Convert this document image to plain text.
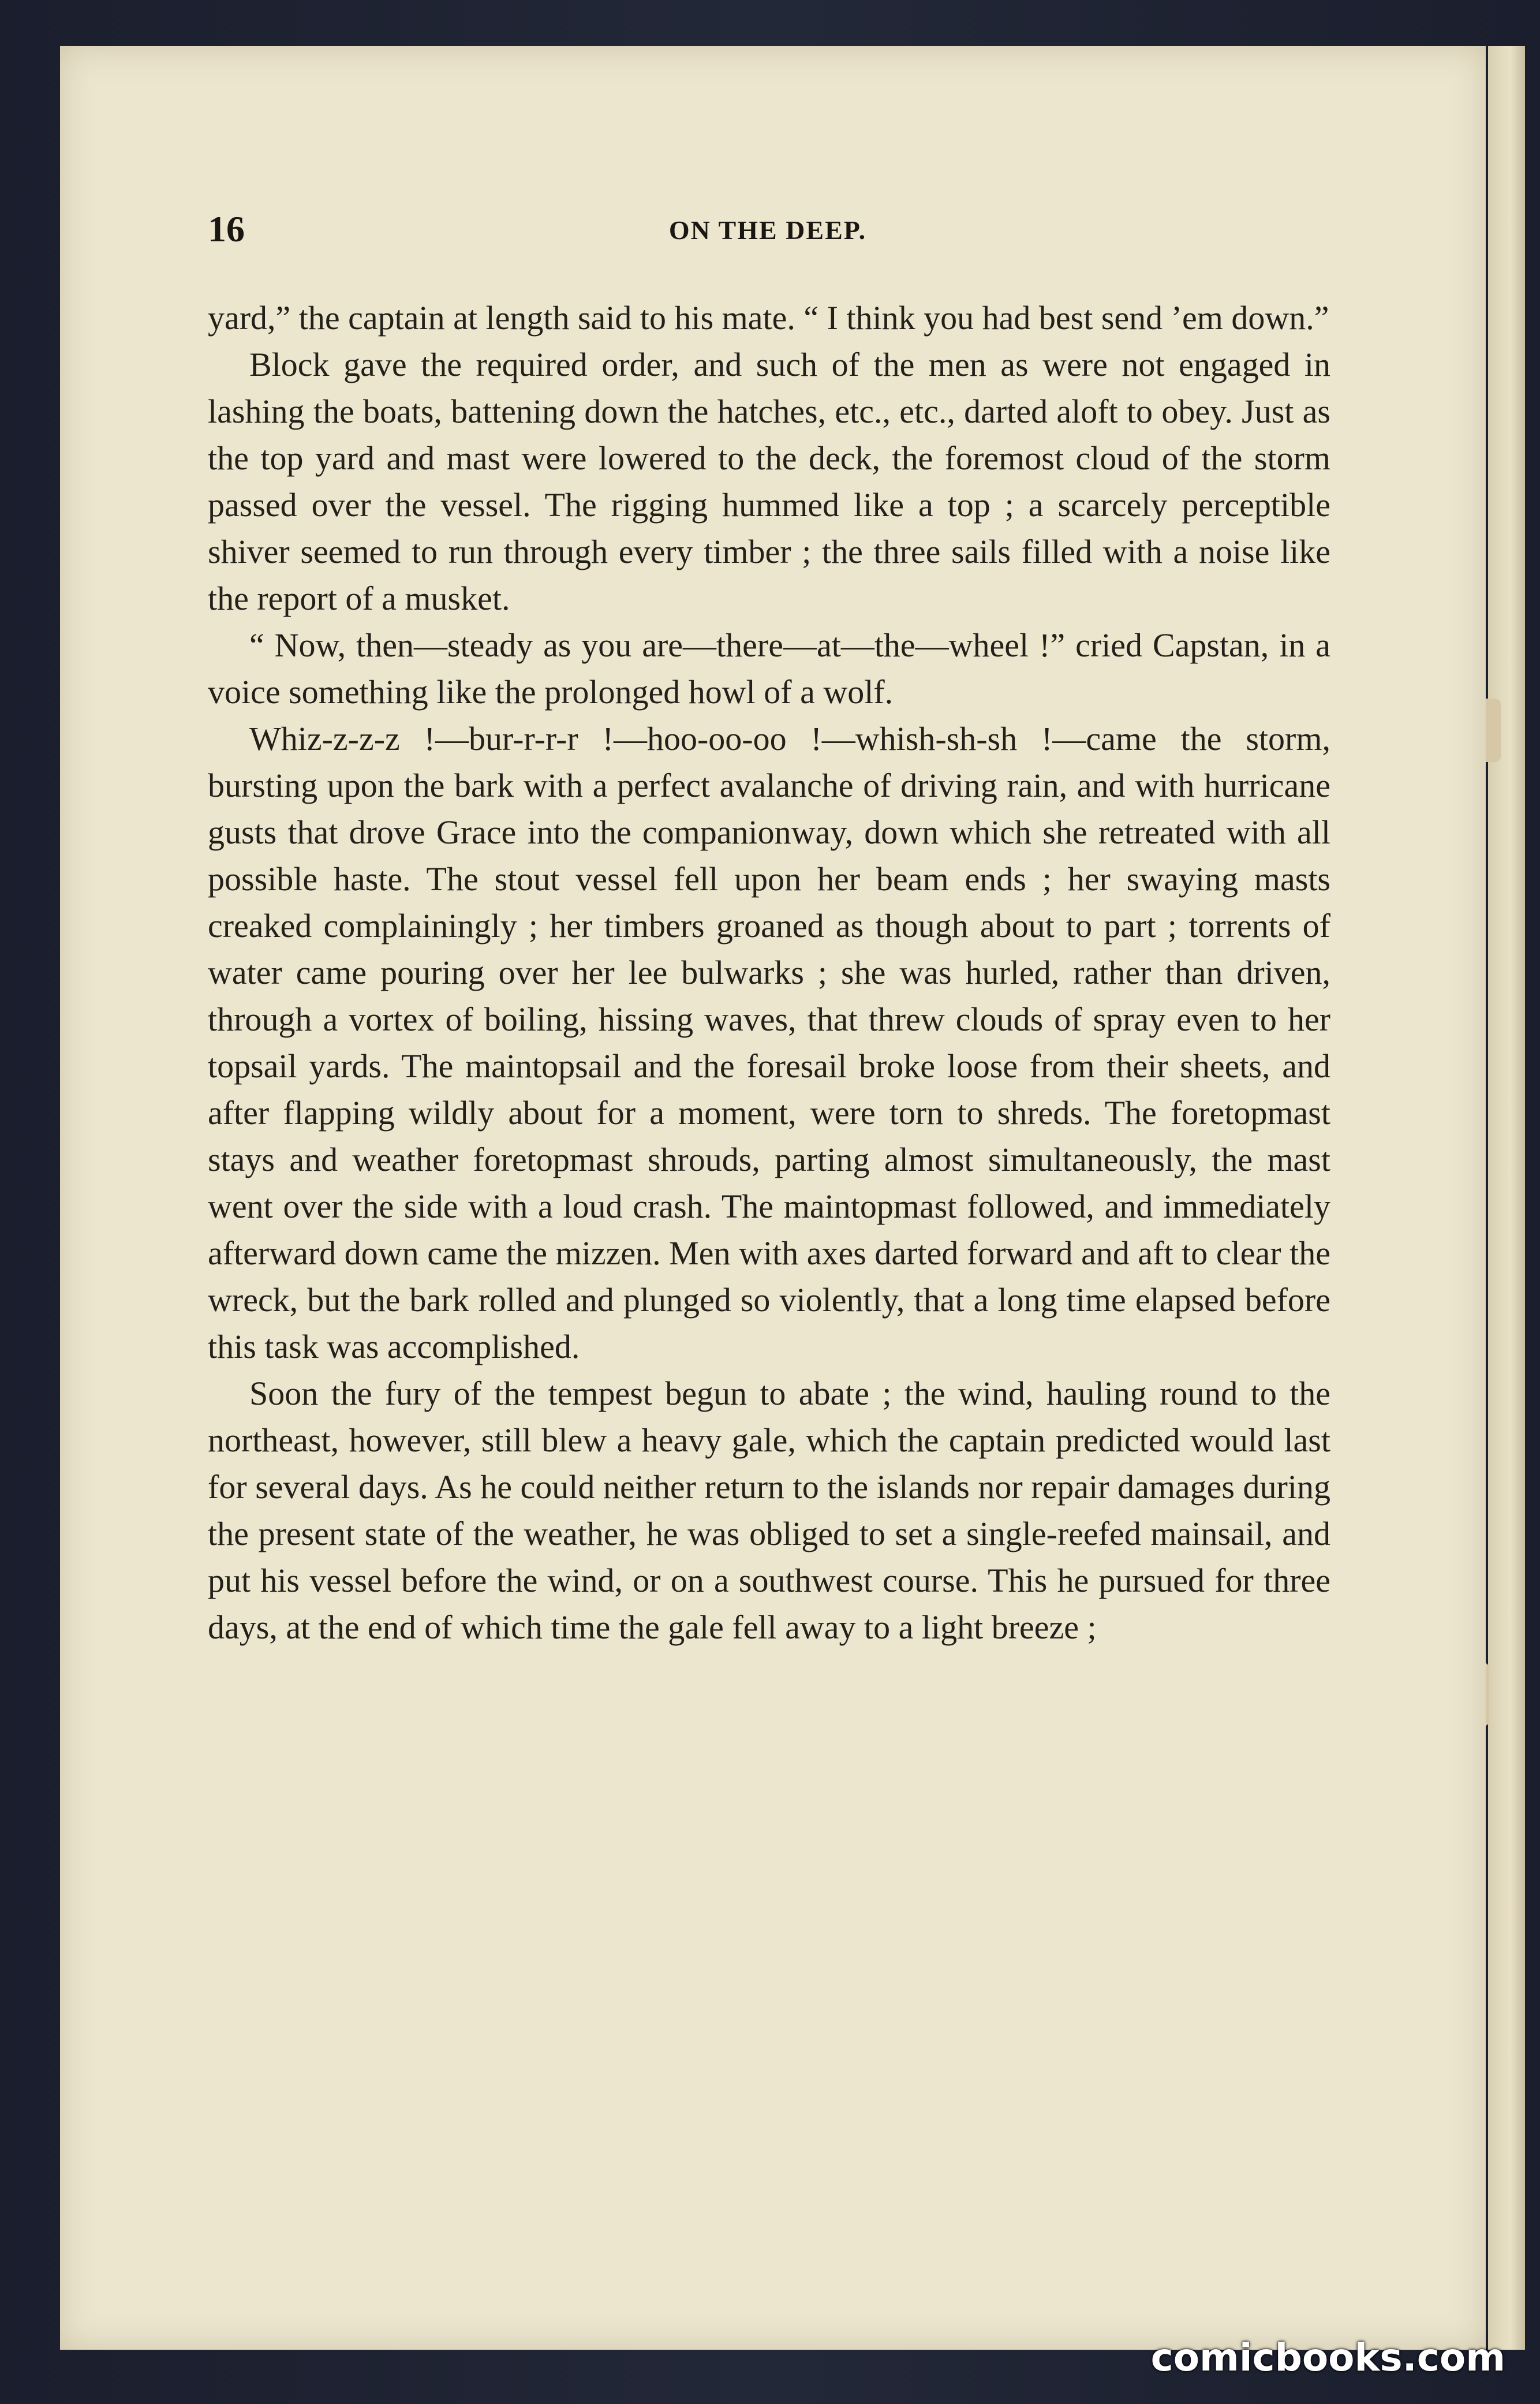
16	ON THE DEEP.

yard,” the captain at length said to his mate. “ I think you had best send ’em down.”

Block gave the required order, and such of the men as were not engaged in lashing the boats, battening down the hatches, etc., etc., darted aloft to obey. Just as the top yard and mast were lowered to the deck, the foremost cloud of the storm passed over the vessel. The rigging hummed like a top ; a scarcely perceptible shiver seemed to run through every timber ; the three sails filled with a noise like the report of a musket.

“ Now, then—steady as you are—there—at—the—wheel !” cried Capstan, in a voice something like the prolonged howl of a wolf.

Whiz-z-z-z !—bur-r-r-r !—hoo-oo-oo !—whish-sh-sh !—came the storm, bursting upon the bark with a perfect avalanche of driving rain, and with hurricane gusts that drove Grace into the companionway, down which she retreated with all possible haste. The stout vessel fell upon her beam ends ; her swaying masts creaked complainingly ; her timbers groaned as though about to part ; torrents of water came pouring over her lee bulwarks ; she was hurled, rather than driven, through a vortex of boiling, hissing waves, that threw clouds of spray even to her topsail yards. The maintopsail and the foresail broke loose from their sheets, and after flapping wildly about for a moment, were torn to shreds. The foretopmast stays and weather foretopmast shrouds, parting almost simultaneously, the mast went over the side with a loud crash. The maintopmast followed, and immediately afterward down came the mizzen. Men with axes darted forward and aft to clear the wreck, but the bark rolled and plunged so violently, that a long time elapsed before this task was accomplished.

Soon the fury of the tempest begun to abate ; the wind, hauling round to the northeast, however, still blew a heavy gale, which the captain predicted would last for several days. As he could neither return to the islands nor repair damages during the present state of the weather, he was obliged to set a single-reefed mainsail, and put his vessel before the wind, or on a southwest course. This he pursued for three days, at the end of which time the gale fell away to a light breeze ;

comicbooks.com
